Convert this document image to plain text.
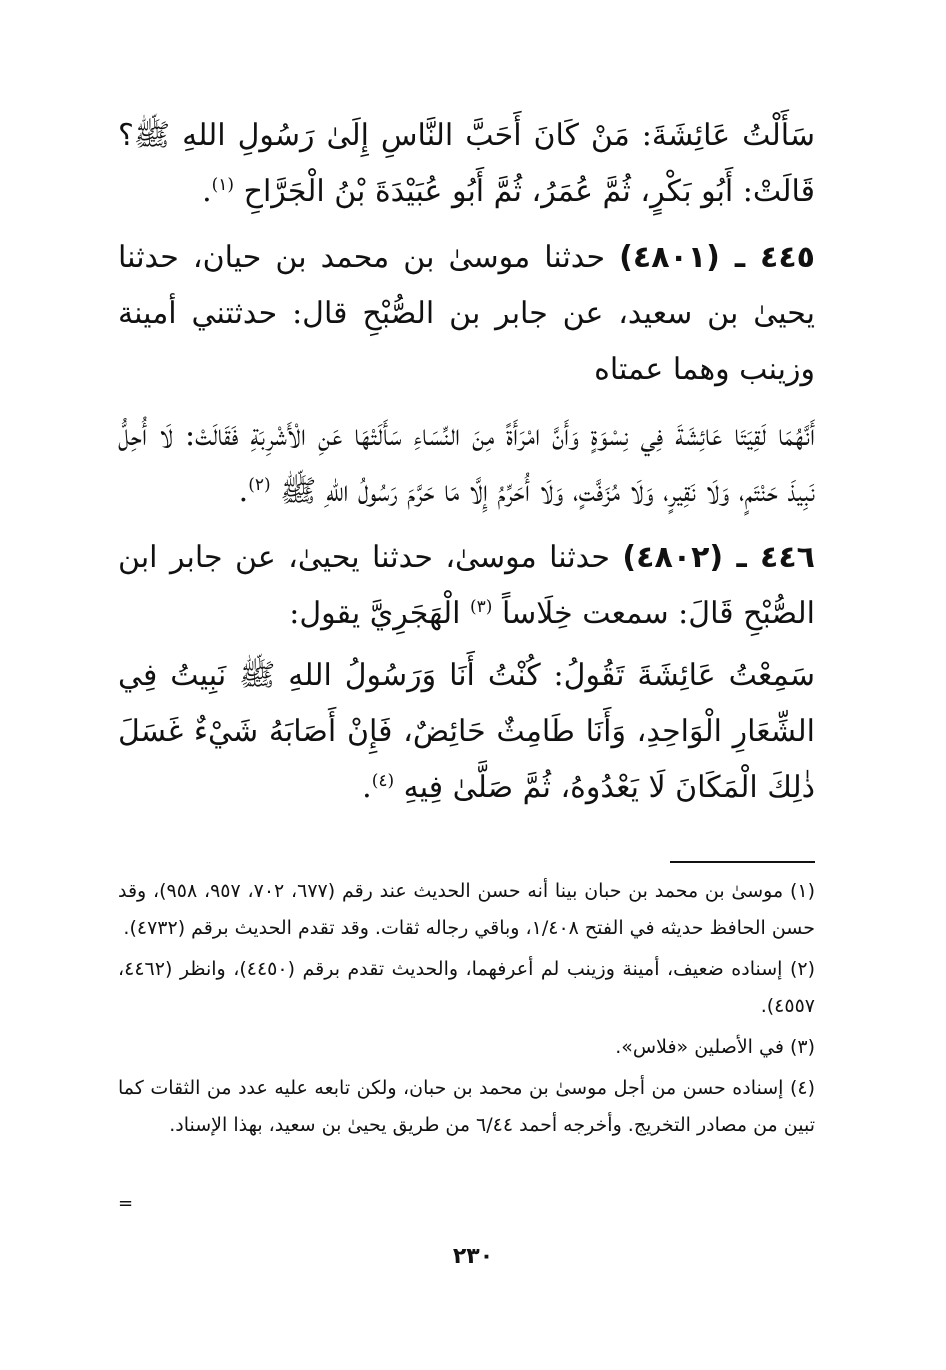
سَأَلْتُ عَائِشَةَ: مَنْ كَانَ أَحَبَّ النَّاسِ إِلَىٰ رَسُولِ اللهِ ﷺ؟ قَالَتْ: أَبُو بَكْرٍ، ثُمَّ عُمَرُ، ثُمَّ أَبُو عُبَيْدَةَ بْنُ الْجَرَّاحِ $^{(١)}$.

٤٤٥ ـ (٤٨٠١) حدثنا موسىٰ بن محمد بن حيان، حدثنا يحيىٰ بن سعيد، عن جابر بن الصُّبْحِ قال: حدثتني أمينة وزينب وهما عمتاه

أَنَّهُمَا لَقِيَتَا عَائِشَةَ فِي نِسْوَةٍ وَأَنَّ امْرَأَةً مِنَ النِّسَاءِ سَأَلَتْهَا عَنِ الْأَشْرِبَةِ فَقَالَتْ: لَا أُحِلُّ نَبِيذَ حَنْتَمٍ، وَلَا نَقِيرٍ، وَلَا مُزَفَّتٍ، وَلَا أُحَرِّمُ إِلَّا مَا حَرَّمَ رَسُولُ اللهِ ﷺ $^{(٢)}$.

٤٤٦ ـ (٤٨٠٢) حدثنا موسىٰ، حدثنا يحيىٰ، عن جابر ابن الصُّبْحِ قَالَ: سمعت خِلَاساً $^{(٣)}$ الْهَجَرِيَّ يقول:

سَمِعْتُ عَائِشَةَ تَقُولُ: كُنْتُ أَنَا وَرَسُولُ اللهِ ﷺ نَبِيتُ فِي الشِّعَارِ الْوَاحِدِ، وَأَنَا طَامِثٌ حَائِضٌ، فَإِنْ أَصَابَهُ شَيْءٌ غَسَلَ ذٰلِكَ الْمَكَانَ لَا يَعْدُوهُ، ثُمَّ صَلَّىٰ فِيهِ $^{(٤)}$.

(١) موسىٰ بن محمد بن حبان بينا أنه حسن الحديث عند رقم (٦٧٧، ٧٠٢، ٩٥٧، ٩٥٨)، وقد حسن الحافظ حديثه في الفتح ١/٤٠٨، وباقي رجاله ثقات. وقد تقدم الحديث برقم (٤٧٣٢).

(٢) إسناده ضعيف، أمينة وزينب لم أعرفهما، والحديث تقدم برقم (٤٤٥٠)، وانظر (٤٤٦٢، ٤٥٥٧).

(٣) في الأصلين «فلاس».

(٤) إسناده حسن من أجل موسىٰ بن محمد بن حبان، ولكن تابعه عليه عدد من الثقات كما تبين من مصادر التخريج. وأخرجه أحمد ٦/٤٤ من طريق يحيىٰ بن سعيد، بهذا الإسناد.

=
٢٣٠
